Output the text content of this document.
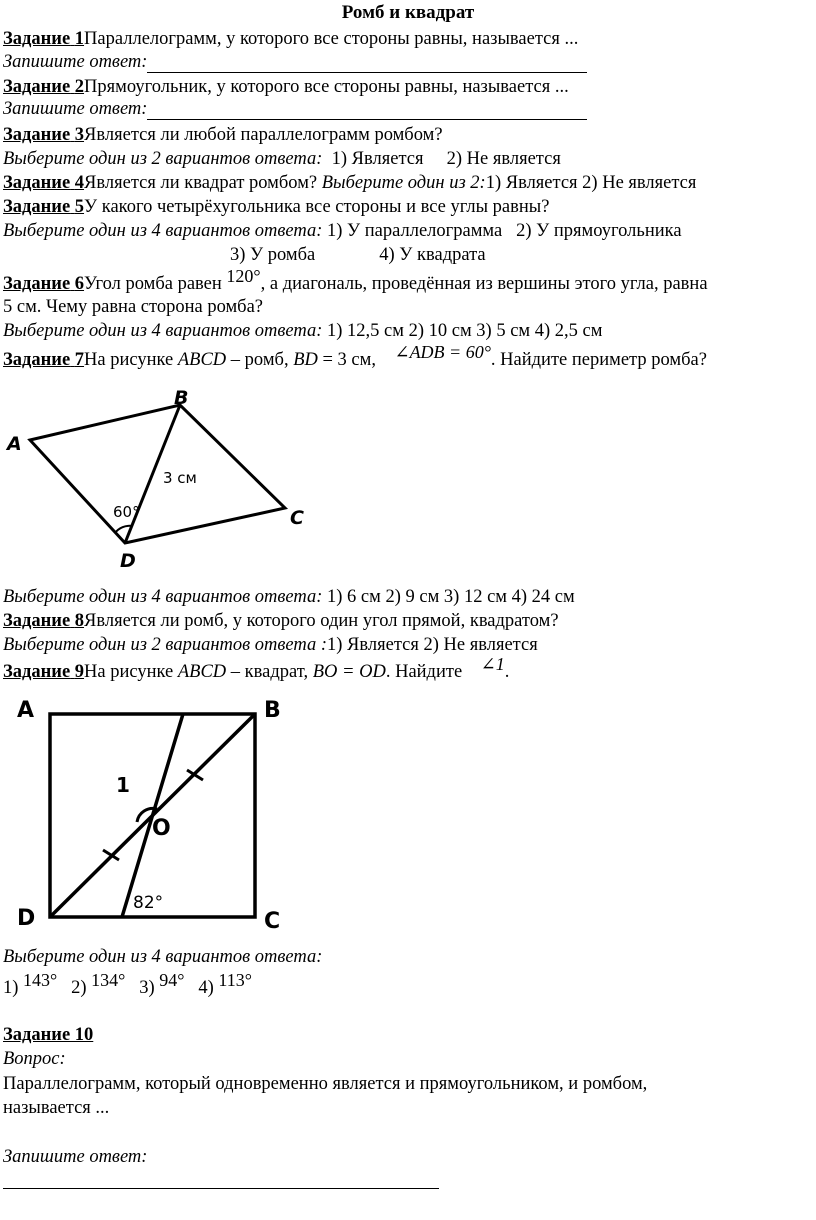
Ромб и квадрат
Задание 1Параллелограмм, у которого все стороны равны, называется ...
Запишите ответ:
Задание 2Прямоугольник, у которого все стороны равны, называется ...
Запишите ответ:
Задание 3Является ли любой параллелограмм ромбом?
Выберите один из 2 вариантов ответа: 1) Является 2) Не является
Задание 4Является ли квадрат ромбом? Выберите один из 2:1) Является 2) Не является
Задание 5У какого четырёхугольника все стороны и все углы равны?
Выберите один из 4 вариантов ответа: 1) У параллелограмма 2) У прямоугольника
3) У ромба	4) У квадрата
Задание 6Угол ромба равен 120°, а диагональ, проведённая из вершины этого угла, равна
5 см. Чему равна сторона ромба?
Выберите один из 4 вариантов ответа: 1) 12,5 см 2) 10 см 3) 5 см 4) 2,5 см
Задание 7На рисунке ABCD – ромб, BD = 3 см, ∠ADB = 60°. Найдите периметр ромба?
A
B
C
D
3 см
60°
Выберите один из 4 вариантов ответа: 1) 6 см 2) 9 см 3) 12 см 4) 24 см
Задание 8Является ли ромб, у которого один угол прямой, квадратом?
Выберите один из 2 вариантов ответа :1) Является 2) Не является
Задание 9На рисунке ABCD – квадрат, BO = OD. Найдите ∠1.
A	B
C
D
O
1
82°
Выберите один из 4 вариантов ответа:
1) 143° 2) 134° 3) 94° 4) 113°
Задание 10
Вопрос:
Параллелограмм, который одновременно является и прямоугольником, и ромбом,
называется ...
Запишите ответ:
